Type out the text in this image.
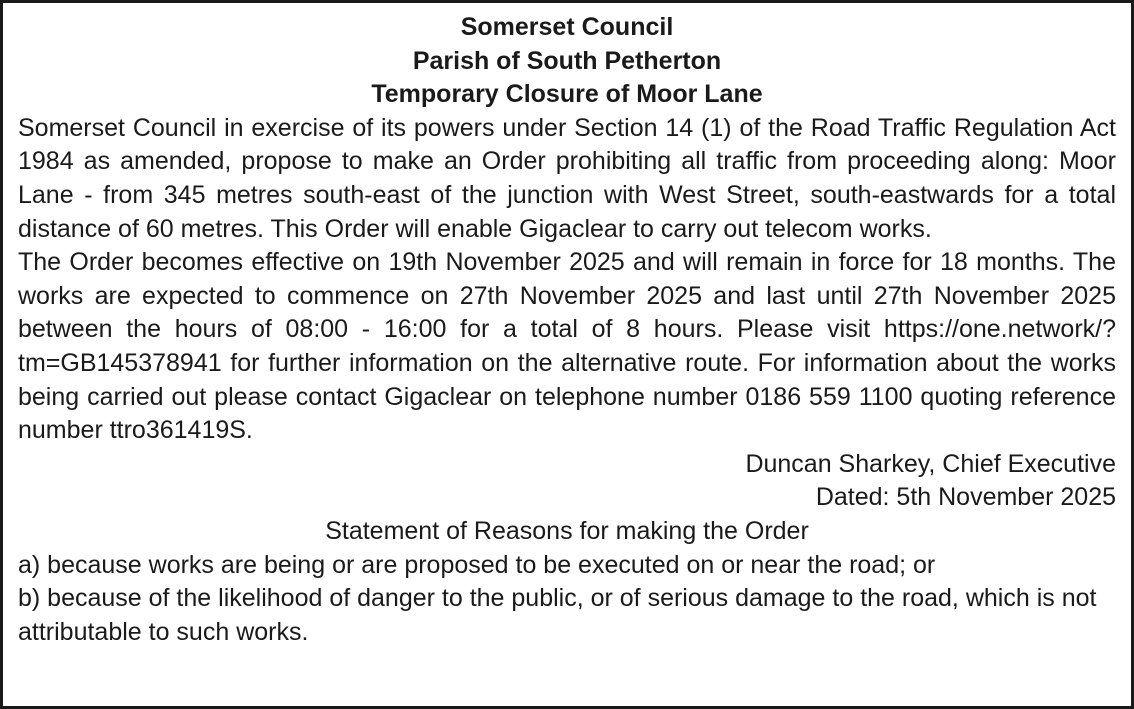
Somerset Council

Parish of South Petherton

Temporary Closure of Moor Lane

Somerset Council in exercise of its powers under Section 14 (1) of the Road Traffic Regulation Act 1984 as amended, propose to make an Order prohibiting all traffic from proceeding along: Moor Lane - from 345 metres south-east of the junction with West Street, south-eastwards for a total distance of 60 metres. This Order will enable Gigaclear to carry out telecom works.

The Order becomes effective on 19th November 2025 and will remain in force for 18 months. The works are expected to commence on 27th November 2025 and last until 27th November 2025 between the hours of 08:00 - 16:00 for a total of 8 hours. Please visit https://one.network/?tm=GB145378941 for further information on the alternative route. For information about the works being carried out please contact Gigaclear on telephone number 0186 559 1100 quoting reference number ttro361419S.

Duncan Sharkey, Chief Executive

Dated: 5th November 2025

Statement of Reasons for making the Order

a) because works are being or are proposed to be executed on or near the road; or

b) because of the likelihood of danger to the public, or of serious damage to the road, which is not attributable to such works.
